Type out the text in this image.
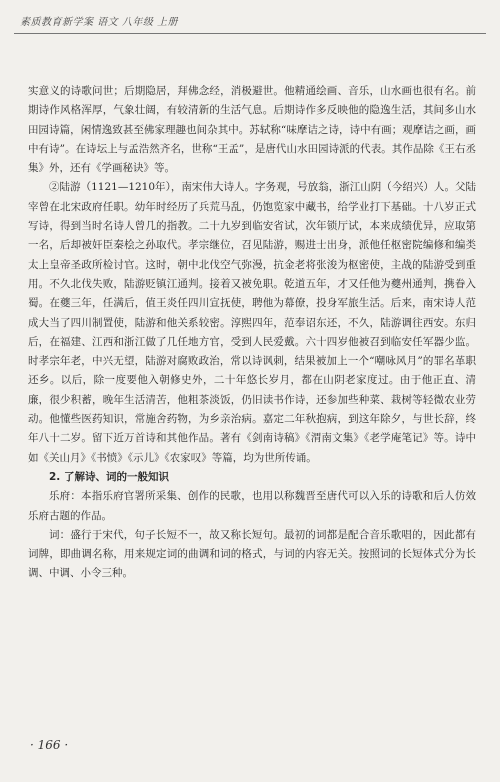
素质教育新学案 语文 八年级 上册

实意义的诗歌问世；后期隐居，拜佛念经，消极避世。他精通绘画、音乐，山水画也很有名。前期诗作风格浑厚，气象壮阔，有较清新的生活气息。后期诗作多反映他的隐逸生活，其间多山水田园诗篇，闲情逸致甚至佛家理趣也间杂其中。苏轼称“味摩诘之诗，诗中有画；观摩诘之画，画中有诗”。在诗坛上与孟浩然齐名，世称“王孟”，是唐代山水田园诗派的代表。其作品除《王右丞集》外，还有《学画秘诀》等。

②陆游（1121—1210年），南宋伟大诗人。字务观，号放翁，浙江山阴（今绍兴）人。父陆宰曾在北宋政府任职。幼年时经历了兵荒马乱，仍饱览家中藏书，给学业打下基础。十八岁正式写诗，得到当时名诗人曾几的指教。二十九岁到临安省试，次年锁厅试，本来成绩优异，应取第一名，后却被奸臣秦桧之孙取代。孝宗继位，召见陆游，赐进士出身，派他任枢密院编修和编类太上皇帝圣政所检讨官。这时，朝中北伐空气弥漫，抗金老将张浚为枢密使，主战的陆游受到重用。不久北伐失败，陆游贬镇江通判。接着又被免职。乾道五年，才又任他为夔州通判，携眷入蜀。在夔三年，任满后，值王炎任四川宣抚使，聘他为幕僚，投身军旅生活。后来，南宋诗人范成大当了四川制置使，陆游和他关系较密。淳熙四年，范奉诏东还，不久，陆游调往西安。东归后，在福建、江西和浙江做了几任地方官，受到人民爱戴。六十四岁他被召到临安任军器少监。时孝宗年老，中兴无望，陆游对腐败政治，常以诗讽刺，结果被加上一个“嘲咏风月”的罪名革职还乡。以后，除一度要他入朝修史外，二十年悠长岁月，都在山阴老家度过。由于他正直、清廉，很少积蓄，晚年生活清苦，他粗茶淡饭，仍旧读书作诗，还参加些种菜、栽树等轻微农业劳动。他懂些医药知识，常施舍药物，为乡亲治病。嘉定二年秋抱病，到这年除夕，与世长辞，终年八十二岁。留下近万首诗和其他作品。著有《剑南诗稿》《渭南文集》《老学庵笔记》等。诗中如《关山月》《书愤》《示儿》《农家叹》等篇，均为世所传诵。

2. 了解诗、词的一般知识

乐府：本指乐府官署所采集、创作的民歌，也用以称魏晋至唐代可以入乐的诗歌和后人仿效乐府古题的作品。

词：盛行于宋代，句子长短不一，故又称长短句。最初的词都是配合音乐歌唱的，因此都有词牌，即曲调名称，用来规定词的曲调和词的格式，与词的内容无关。按照词的长短体式分为长调、中调、小令三种。

· 166 ·
